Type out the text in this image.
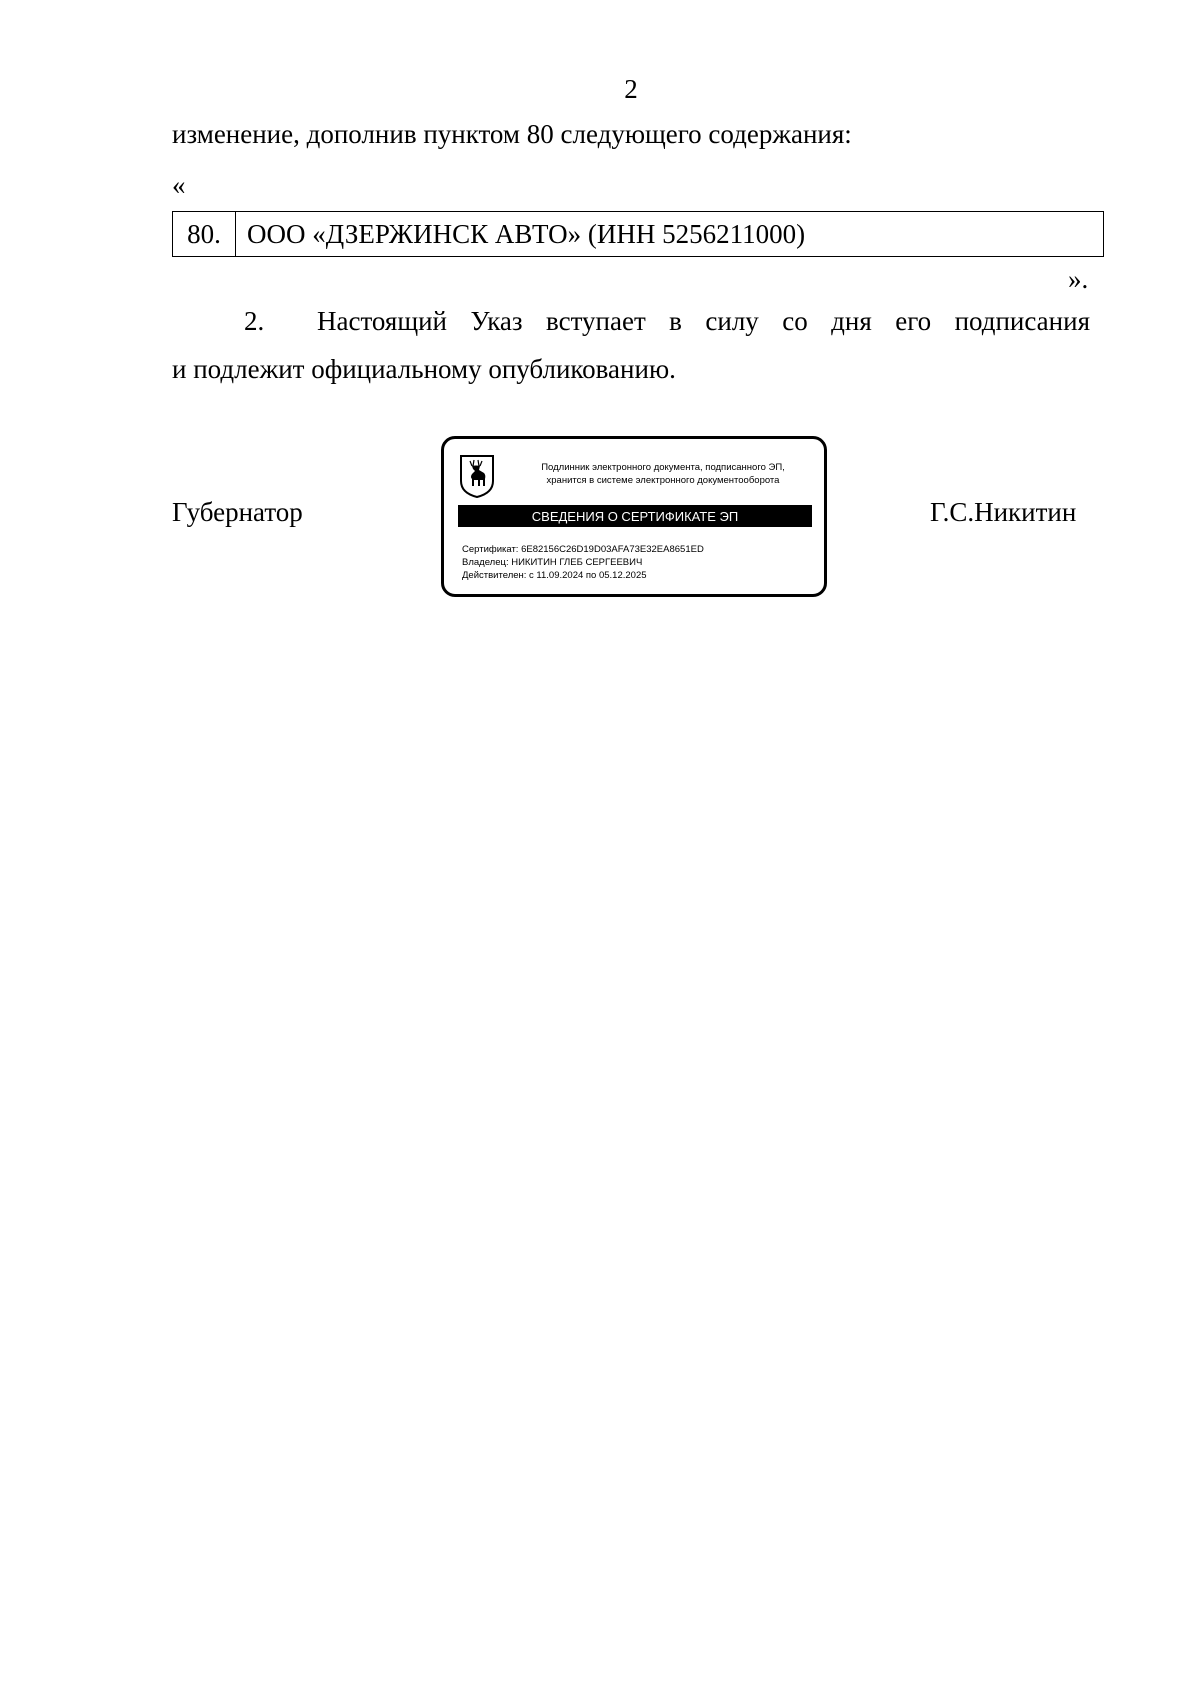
2
изменение, дополнив пунктом 80 следующего содержания:
«
80. ООО «ДЗЕРЖИНСК АВТО» (ИНН 5256211000)
».
2. Настоящий Указ вступает в силу со дня его подписания
и подлежит официальному опубликованию.
Губернатор	Г.С.Никитин
Подлинник электронного документа, подписанного ЭП,
хранится в системе электронного документооборота
СВЕДЕНИЯ О СЕРТИФИКАТЕ ЭП
Сертификат: 6E82156C26D19D03AFA73E32EA8651ED
Владелец: НИКИТИН ГЛЕБ СЕРГЕЕВИЧ
Действителен: с 11.09.2024 по 05.12.2025
